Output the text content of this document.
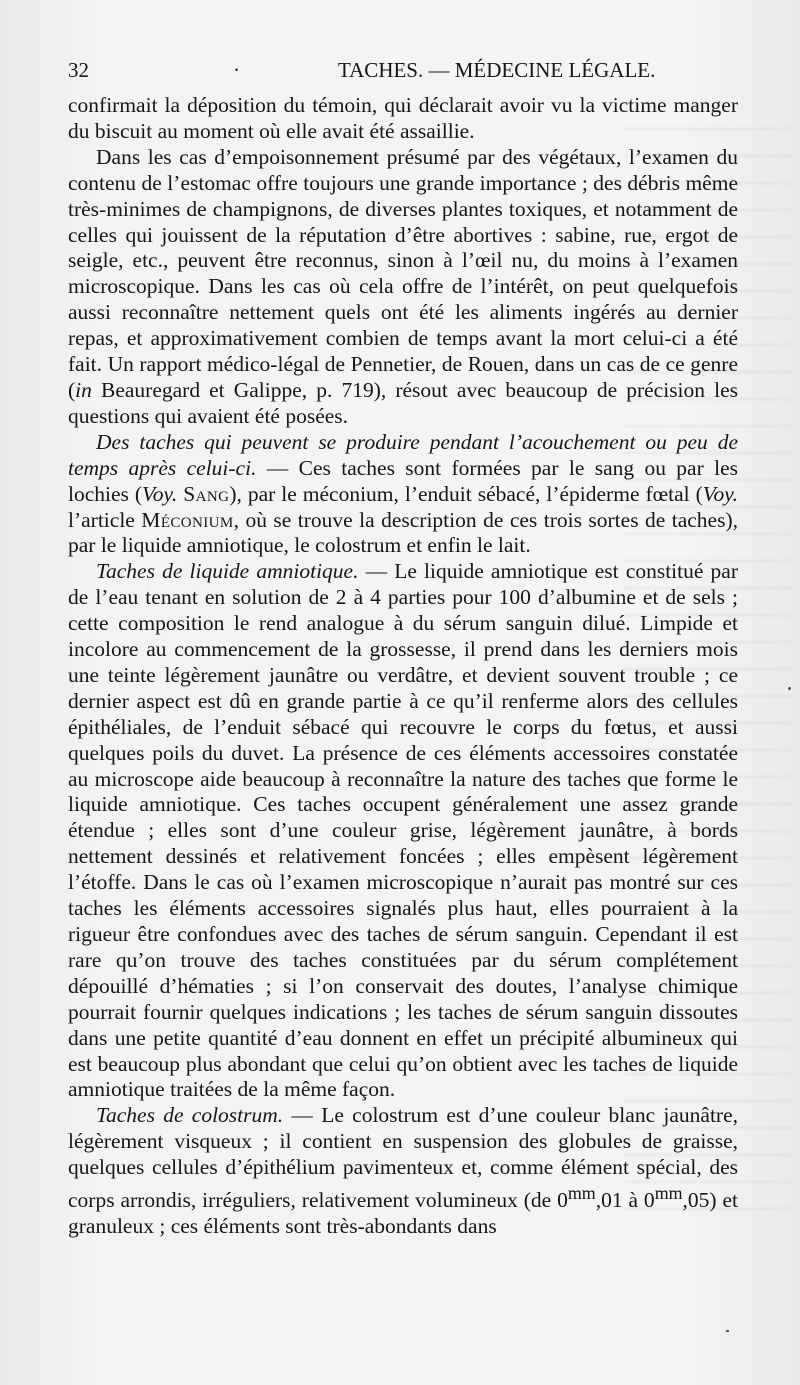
32	·	TACHES. — MÉDECINE LÉGALE.

confirmait la déposition du témoin, qui déclarait avoir vu la victime manger du biscuit au moment où elle avait été assaillie.

Dans les cas d’empoisonnement présumé par des végétaux, l’examen du contenu de l’estomac offre toujours une grande importance ; des débris même très-minimes de champignons, de diverses plantes toxiques, et notamment de celles qui jouissent de la réputation d’être abortives : sabine, rue, ergot de seigle, etc., peuvent être reconnus, sinon à l’œil nu, du moins à l’examen microscopique. Dans les cas où cela offre de l’intérêt, on peut quelquefois aussi reconnaître nettement quels ont été les aliments ingérés au dernier repas, et approximativement combien de temps avant la mort celui-ci a été fait. Un rapport médico-légal de Pennetier, de Rouen, dans un cas de ce genre (in Beauregard et Galippe, p. 719), résout avec beaucoup de précision les questions qui avaient été posées.

Des taches qui peuvent se produire pendant l’acouchement ou peu de temps après celui-ci. — Ces taches sont formées par le sang ou par les lochies (Voy. Sang), par le méconium, l’enduit sébacé, l’épiderme fœtal (Voy. l’article Méconium, où se trouve la description de ces trois sortes de taches), par le liquide amniotique, le colostrum et enfin le lait.

Taches de liquide amniotique. — Le liquide amniotique est constitué par de l’eau tenant en solution de 2 à 4 parties pour 100 d’albumine et de sels ; cette composition le rend analogue à du sérum sanguin dilué. Limpide et incolore au commencement de la grossesse, il prend dans les derniers mois une teinte légèrement jaunâtre ou verdâtre, et devient souvent trouble ; ce dernier aspect est dû en grande partie à ce qu’il renferme alors des cellules épithéliales, de l’enduit sébacé qui recouvre le corps du fœtus, et aussi quelques poils du duvet. La présence de ces éléments accessoires constatée au microscope aide beaucoup à reconnaître la nature des taches que forme le liquide amniotique. Ces taches occupent généralement une assez grande étendue ; elles sont d’une couleur grise, légèrement jaunâtre, à bords nettement dessinés et relativement foncées ; elles empèsent légèrement l’étoffe. Dans le cas où l’examen microscopique n’aurait pas montré sur ces taches les éléments accessoires signalés plus haut, elles pourraient à la rigueur être confondues avec des taches de sérum sanguin. Cependant il est rare qu’on trouve des taches constituées par du sérum complétement dépouillé d’hématies ; si l’on conservait des doutes, l’analyse chimique pourrait fournir quelques indications ; les taches de sérum sanguin dissoutes dans une petite quantité d’eau donnent en effet un précipité albumineux qui est beaucoup plus abondant que celui qu’on obtient avec les taches de liquide amniotique traitées de la même façon.

Taches de colostrum. — Le colostrum est d’une couleur blanc jaunâtre, légèrement visqueux ; il contient en suspension des globules de graisse, quelques cellules d’épithélium pavimenteux et, comme élément spécial, des corps arrondis, irréguliers, relativement volumineux (de $0^{mm},01$ à $0^{mm},05$) et granuleux ; ces éléments sont très-abondants dans
